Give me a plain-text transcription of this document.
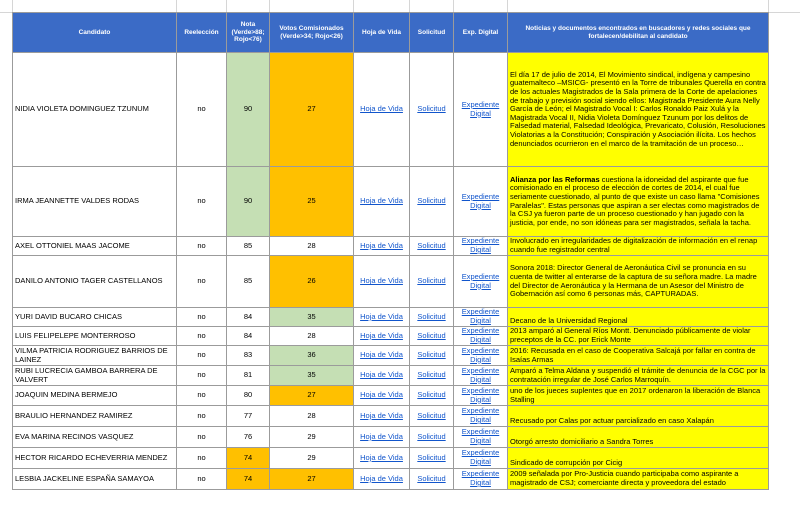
Candidato	Reelección	Nota (Verde>88; Rojo<76)	Votos Comisionados (Verde>34; Rojo<26)	Hoja de Vida	Solicitud	Exp. Digital	Noticias y documentos encontrados en buscadores y redes sociales que fortalecen/debilitan al candidato
NIDIA VIOLETA DOMINGUEZ TZUNUM	no	90	27	Hoja de Vida	Solicitud	Expediente Digital	El día 17 de julio de 2014, El Movimiento sindical, indígena y campesino guatemalteco –MSICG- presentó en la Torre de tribunales Querella en contra de los actuales Magistrados de la Sala primera de la Corte de apelaciones de trabajo y previsión social siendo ellos: Magistrada Presidente Aura Nelly García de León; el Magistrado Vocal I: Carlos Ronaldo Paiz Xulá y la Magistrada Vocal II, Nidia Violeta Domínguez Tzunum por los delitos de Falsedad material, Falsedad Ideológica, Prevaricato, Colusión, Resoluciones Violatorias a la Constitución; Conspiración y Asociación ilícita. Los hechos denunciados ocurrieron en el marco de la tramitación de un proceso…
IRMA JEANNETTE VALDES RODAS	no	90	25	Hoja de Vida	Solicitud	Expediente Digital	Alianza por las Reformas cuestiona la idoneidad del aspirante que fue comisionado en el proceso de elección de cortes de 2014, el cual fue seriamente cuestionado, al punto de que existe un caso llama "Comisiones Paralelas". Estas personas que aspiran a ser electas como magistrados de la CSJ ya fueron parte de un proceso cuestionado y han jugado con la justicia, por ende, no son idóneas para ser magistrados, señala la tacha.
AXEL OTTONIEL MAAS JACOME	no	85	28	Hoja de Vida	Solicitud	Expediente Digital	Involucrado en irregularidades de digitalización de información en el renap cuando fue registrador central
DANILO ANTONIO TAGER CASTELLANOS	no	85	26	Hoja de Vida	Solicitud	Expediente Digital	Sonora 2018: Director General de Aeronáutica Civil se pronuncia en su cuenta de twitter al enterarse de la captura de su señora madre. La madre del Director de Aeronáutica y la Hermana de un Asesor del Ministro de Gobernación así como 6 personas más, CAPTURADAS.
YURI DAVID BUCARO CHICAS	no	84	35	Hoja de Vida	Solicitud	Expediente Digital	Decano de la Universidad Regional
LUIS FELIPELEPE MONTERROSO	no	84	28	Hoja de Vida	Solicitud	Expediente Digital	2013 amparó al General Ríos Montt. Denunciado públicamente de violar preceptos de la CC. por Erick Monte
VILMA PATRICIA RODRIGUEZ BARRIOS DE LAINEZ	no	83	36	Hoja de Vida	Solicitud	Expediente Digital	2016: Recusada en el caso de Cooperativa Salcajá por fallar en contra de Isaías Armas
RUBI LUCRECIA GAMBOA BARRERA DE VALVERT	no	81	35	Hoja de Vida	Solicitud	Expediente Digital	Amparó a Telma Aldana y suspendió el trámite de denuncia de la CGC por la contratación irregular de José Carlos Marroquín.
JOAQUIN MEDINA BERMEJO	no	80	27	Hoja de Vida	Solicitud	Expediente Digital	uno de los jueces suplentes que en 2017 ordenaron la liberación de Blanca Stalling
BRAULIO HERNANDEZ RAMIREZ	no	77	28	Hoja de Vida	Solicitud	Expediente Digital	Recusado por Calas por actuar parcializado en caso Xalapán
EVA MARINA RECINOS VASQUEZ	no	76	29	Hoja de Vida	Solicitud	Expediente Digital	Otorgó arresto domiciliario a Sandra Torres
HECTOR RICARDO ECHEVERRIA MENDEZ	no	74	29	Hoja de Vida	Solicitud	Expediente Digital	Sindicado de corrupción por Cicig
LESBIA JACKELINE ESPAÑA SAMAYOA	no	74	27	Hoja de Vida	Solicitud	Expediente Digital	2009 señalada por Pro-Justicia cuando participaba como aspirante a magistrado de CSJ; comerciante directa y proveedora del estado
